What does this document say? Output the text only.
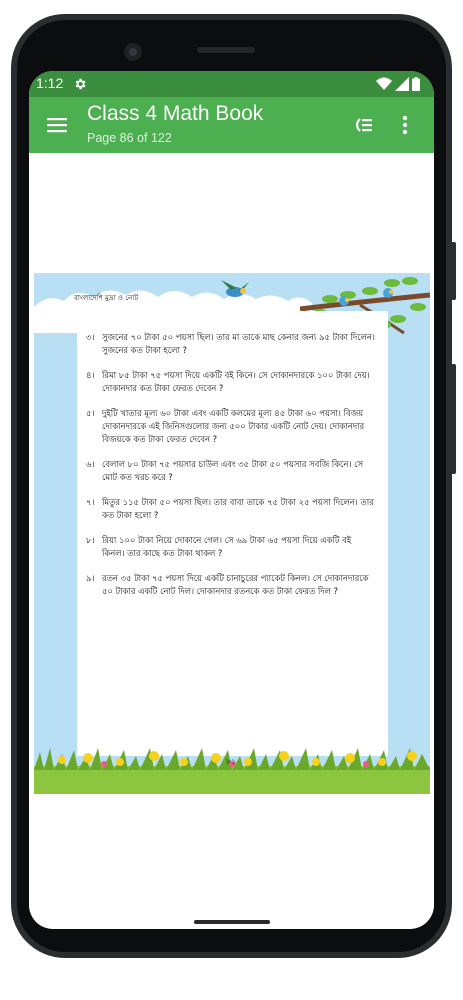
1:12
Class 4 Math Book
Page 86 of 122
বাংলাদেশি মুদ্রা ও নোট
৩। সুজনের ৭০ টাকা ৫০ পয়সা ছিল। তার মা তাকে মাছ কেনার জন্য ৯৫ টাকা দিলেন। সুজনের কত টাকা হলো ?
৪। রিমা ৮৫ টাকা ৭৫ পয়সা দিয়ে একটি বই কিনে। সে দোকানদারকে ১০০ টাকা দেয়। দোকানদার কত টাকা ফেরত দেবেন ?
৫। দুইটি খাতার মূল্য ৬০ টাকা এবং একটি কলমের মূল্য ৪৫ টাকা ৬০ পয়সা। বিজয় দোকানদারকে এই জিনিসগুলোর জন্য ৫০০ টাকার একটি নোট দেয়। দোকানদার বিজয়কে কত টাকা ফেরত দেবেন ?
৬। বেলাল ৮০ টাকা ৭৫ পয়সার চাউল এবং ৩৫ টাকা ৫০ পয়সার সবজি কিনে। সে মোট কত খরচ করে ?
৭। মিতুর ১১৫ টাকা ৫০ পয়সা ছিল। তার বাবা তাকে ৭৫ টাকা ২৫ পয়সা দিলেন। তার কত টাকা হলো ?
৮। রিয়া ১০০ টাকা নিয়ে দোকানে গেল। সে ৬৯ টাকা ৬৫ পয়সা দিয়ে একটি বই কিনল। তার কাছে কত টাকা থাকল ?
৯। রতন ৩৫ টাকা ৭৫ পয়সা দিয়ে একটি চানাচুরের প্যাকেট কিনল। সে দোকানদারকে ৫০ টাকার একটি নোট দিল। দোকানদার রতনকে কত টাকা ফেরত দিল ?
৮১
